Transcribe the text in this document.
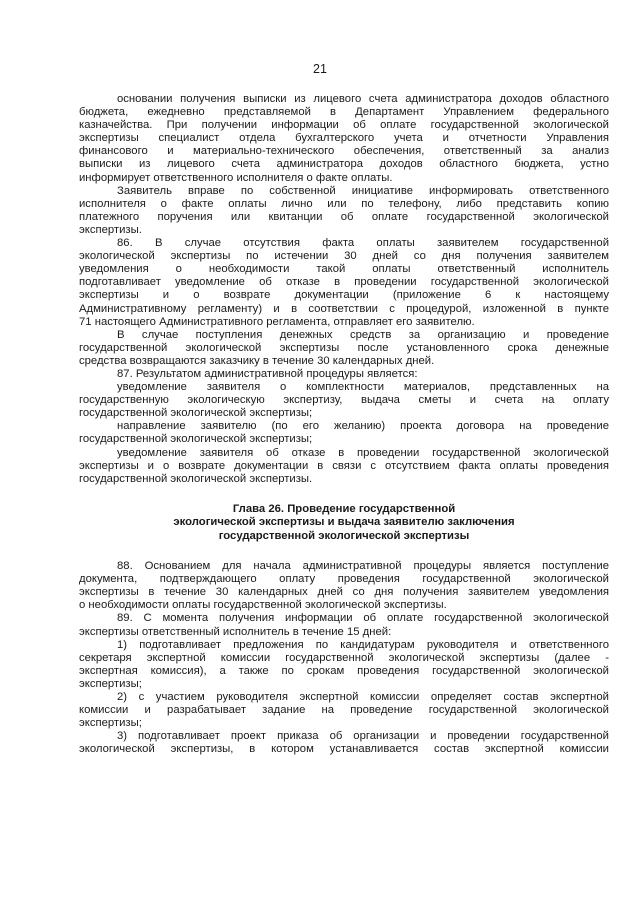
21
основании получения выписки из лицевого счета администратора доходов областного
бюджета, ежедневно представляемой в Департамент Управлением федерального
казначейства. При получении информации об оплате государственной экологической
экспертизы специалист отдела бухгалтерского учета и отчетности Управления
финансового и материально-технического обеспечения, ответственный за анализ
выписки из лицевого счета администратора доходов областного бюджета, устно
информирует ответственного исполнителя о факте оплаты.
Заявитель вправе по собственной инициативе информировать ответственного
исполнителя о факте оплаты лично или по телефону, либо представить копию
платежного поручения или квитанции об оплате государственной экологической
экспертизы.
86. В случае отсутствия факта оплаты заявителем государственной
экологической экспертизы по истечении 30 дней со дня получения заявителем
уведомления о необходимости такой оплаты ответственный исполнитель
подготавливает уведомление об отказе в проведении государственной экологической
экспертизы и о возврате документации (приложение 6 к настоящему
Административному регламенту) и в соответствии с процедурой, изложенной в пункте
71 настоящего Административного регламента, отправляет его заявителю.
В случае поступления денежных средств за организацию и проведение
государственной экологической экспертизы после установленного срока денежные
средства возвращаются заказчику в течение 30 календарных дней.
87. Результатом административной процедуры является:
уведомление заявителя о комплектности материалов, представленных на
государственную экологическую экспертизу, выдача сметы и счета на оплату
государственной экологической экспертизы;
направление заявителю (по его желанию) проекта договора на проведение
государственной экологической экспертизы;
уведомление заявителя об отказе в проведении государственной экологической
экспертизы и о возврате документации в связи с отсутствием факта оплаты проведения
государственной экологической экспертизы.
Глава 26. Проведение государственной
экологической экспертизы и выдача заявителю заключения
государственной экологической экспертизы
88. Основанием для начала административной процедуры является поступление
документа, подтверждающего оплату проведения государственной экологической
экспертизы в течение 30 календарных дней со дня получения заявителем уведомления
о необходимости оплаты государственной экологической экспертизы.
89. С момента получения информации об оплате государственной экологической
экспертизы ответственный исполнитель в течение 15 дней:
1) подготавливает предложения по кандидатурам руководителя и ответственного
секретаря экспертной комиссии государственной экологической экспертизы (далее -
экспертная комиссия), а также по срокам проведения государственной экологической
экспертизы;
2) с участием руководителя экспертной комиссии определяет состав экспертной
комиссии и разрабатывает задание на проведение государственной экологической
экспертизы;
3) подготавливает проект приказа об организации и проведении государственной
экологической экспертизы, в котором устанавливается состав экспертной комиссии
